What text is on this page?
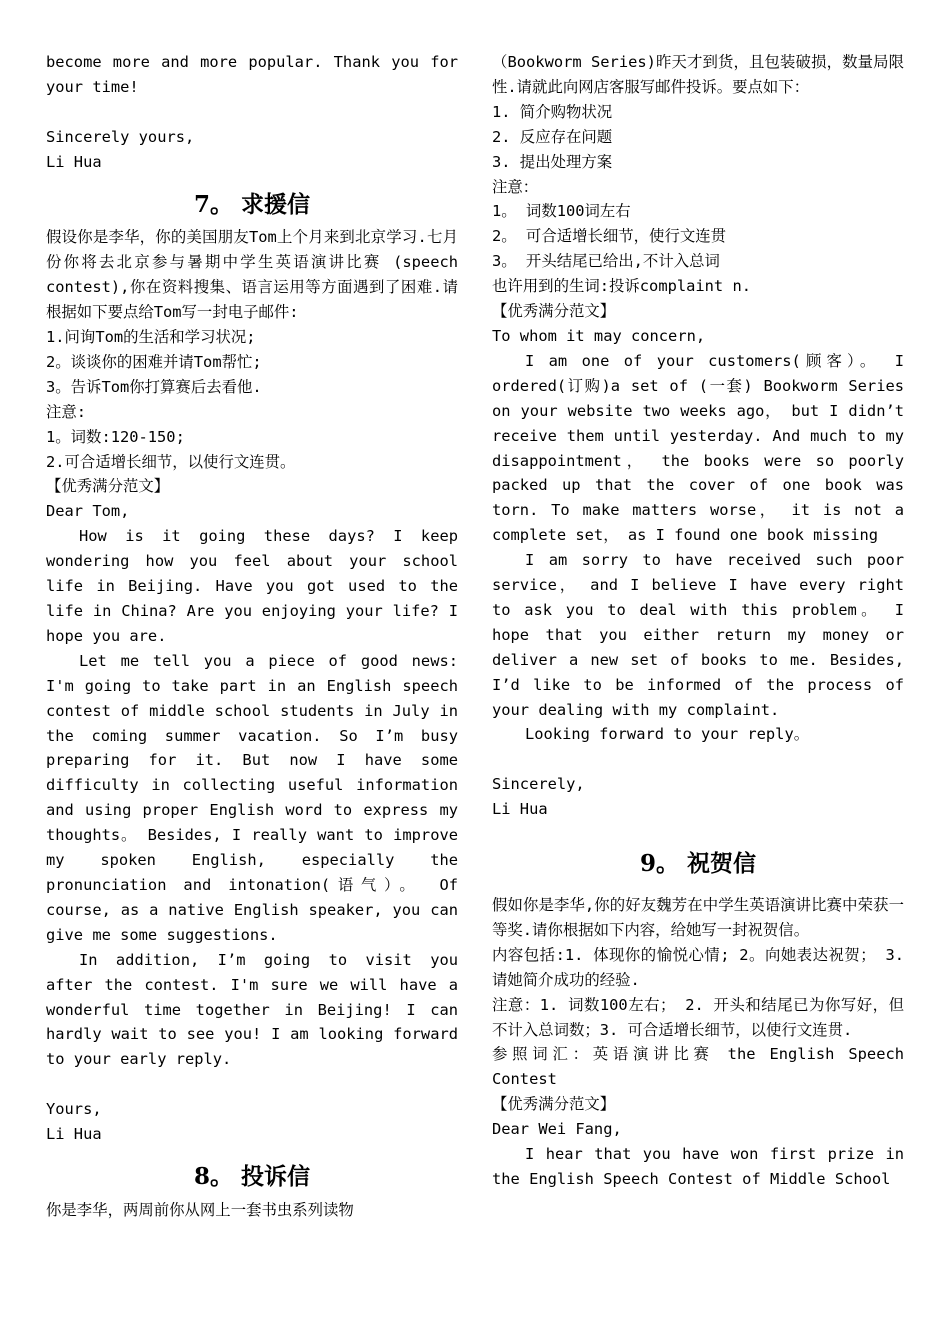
become more and more popular. Thank you for your time!

Sincerely yours,

Li Hua

7。 求援信

假设你是李华，你的美国朋友Tom上个月来到北京学习.七月份你将去北京参与暑期中学生英语演讲比赛 (speech contest),你在资料搜集、语言运用等方面遇到了困难.请根据如下要点给Tom写一封电子邮件:

1.问询Tom的生活和学习状况;

2。谈谈你的困难并请Tom帮忙;

3。告诉Tom你打算赛后去看他.

注意:

1。词数:120-150;

2.可合适增长细节，以使行文连贯。

【优秀满分范文】

Dear Tom,

How is it going these days? I keep wondering how you feel about your school life in Beijing. Have you got used to the life in China? Are you enjoying your life? I hope you are.

Let me tell you a piece of good news: I'm going to take part in an English speech contest of middle school students in July in the coming summer vacation. So I’m busy preparing for it. But now I have some difficulty in collecting useful information and using proper English word to express my thoughts。 Besides, I really want to improve my spoken English, especially the pronunciation and intonation(语气）。 Of course, as a native English speaker, you can give me some suggestions.

In addition, I’m going to visit you after the contest. I'm sure we will have a wonderful time together in Beijing! I can hardly wait to see you! I am looking forward to your early reply.

Yours,

Li Hua

8。 投诉信

你是李华，两周前你从网上一套书虫系列读物

（Bookworm Series)昨天才到货，且包装破损，数量局限性.请就此向网店客服写邮件投诉。要点如下：

1. 简介购物状况

2. 反应存在问题

3. 提出处理方案

注意：

1。 词数100词左右

2。 可合适增长细节，使行文连贯

3。 开头结尾已给出,不计入总词

也许用到的生词:投诉complaint n.

【优秀满分范文】

To whom it may concern,

I am one of your customers(顾客）。 I ordered(订购)a set of (一套) Bookworm Series on your website two weeks ago， but I didn’t receive them until yesterday. And much to my disappointment， the books were so poorly packed up that the cover of one book was torn. To make matters worse， it is not a complete set， as I found one book missing

I am sorry to have received such poor service， and I believe I have every right to ask you to deal with this problem。 I hope that you either return my money or deliver a new set of books to me. Besides, I’d like to be informed of the process of your dealing with my complaint.

Looking forward to your reply。

Sincerely,

Li Hua

9。 祝贺信

假如你是李华,你的好友魏芳在中学生英语演讲比赛中荣获一等奖.请你根据如下内容，给她写一封祝贺信。

内容包括:1. 体现你的愉悦心情; 2。向她表达祝贺； 3.请她简介成功的经验.

注意：1. 词数100左右； 2. 开头和结尾已为你写好，但不计入总词数；3. 可合适增长细节，以使行文连贯.

参照词汇：英语演讲比赛 the English Speech Contest

【优秀满分范文】

Dear Wei Fang,

I hear that you have won first prize in the English Speech Contest of Middle School
